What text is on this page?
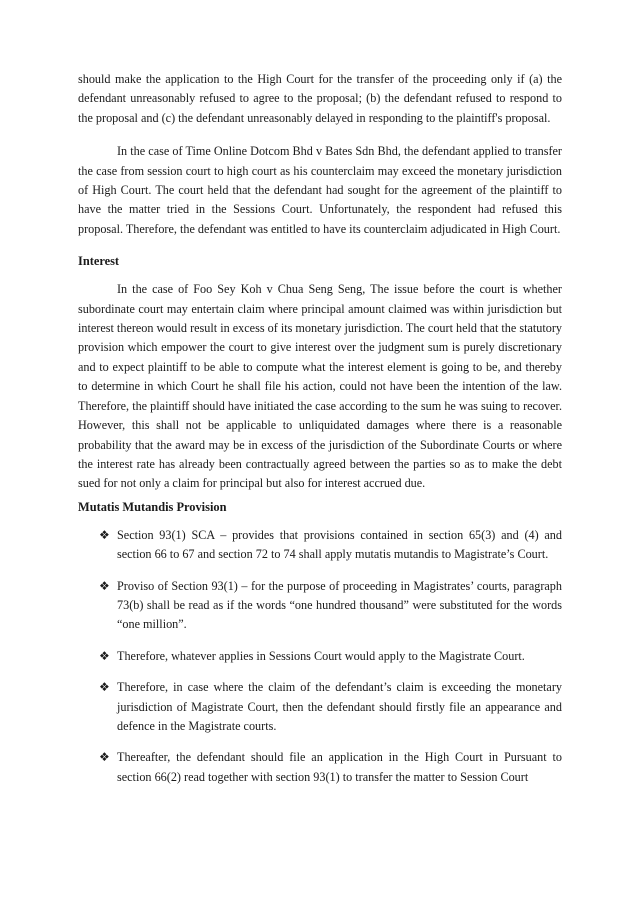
should make the application to the High Court for the transfer of the proceeding only if (a) the defendant unreasonably refused to agree to the proposal; (b) the defendant refused to respond to the proposal and (c) the defendant unreasonably delayed in responding to the plaintiff's proposal.

In the case of Time Online Dotcom Bhd v Bates Sdn Bhd, the defendant applied to transfer the case from session court to high court as his counterclaim may exceed the monetary jurisdiction of High Court. The court held that the defendant had sought for the agreement of the plaintiff to have the matter tried in the Sessions Court. Unfortunately, the respondent had refused this proposal. Therefore, the defendant was entitled to have its counterclaim adjudicated in High Court.

Interest

In the case of Foo Sey Koh v Chua Seng Seng, The issue before the court is whether subordinate court may entertain claim where principal amount claimed was within jurisdiction but interest thereon would result in excess of its monetary jurisdiction. The court held that the statutory provision which empower the court to give interest over the judgment sum is purely discretionary and to expect plaintiff to be able to compute what the interest element is going to be, and thereby to determine in which Court he shall file his action, could not have been the intention of the law. Therefore, the plaintiff should have initiated the case according to the sum he was suing to recover. However, this shall not be applicable to unliquidated damages where there is a reasonable probability that the award may be in excess of the jurisdiction of the Subordinate Courts or where the interest rate has already been contractually agreed between the parties so as to make the debt sued for not only a claim for principal but also for interest accrued due.

Mutatis Mutandis Provision
❖ Section 93(1) SCA – provides that provisions contained in section 65(3) and (4) and section 66 to 67 and section 72 to 74 shall apply mutatis mutandis to Magistrate’s Court.
❖ Proviso of Section 93(1) – for the purpose of proceeding in Magistrates’ courts, paragraph 73(b) shall be read as if the words “one hundred thousand” were substituted for the words “one million”.
❖ Therefore, whatever applies in Sessions Court would apply to the Magistrate Court.
❖ Therefore, in case where the claim of the defendant’s claim is exceeding the monetary jurisdiction of Magistrate Court, then the defendant should firstly file an appearance and defence in the Magistrate courts.
❖ Thereafter, the defendant should file an application in the High Court in Pursuant to section 66(2) read together with section 93(1) to transfer the matter to Session Court
